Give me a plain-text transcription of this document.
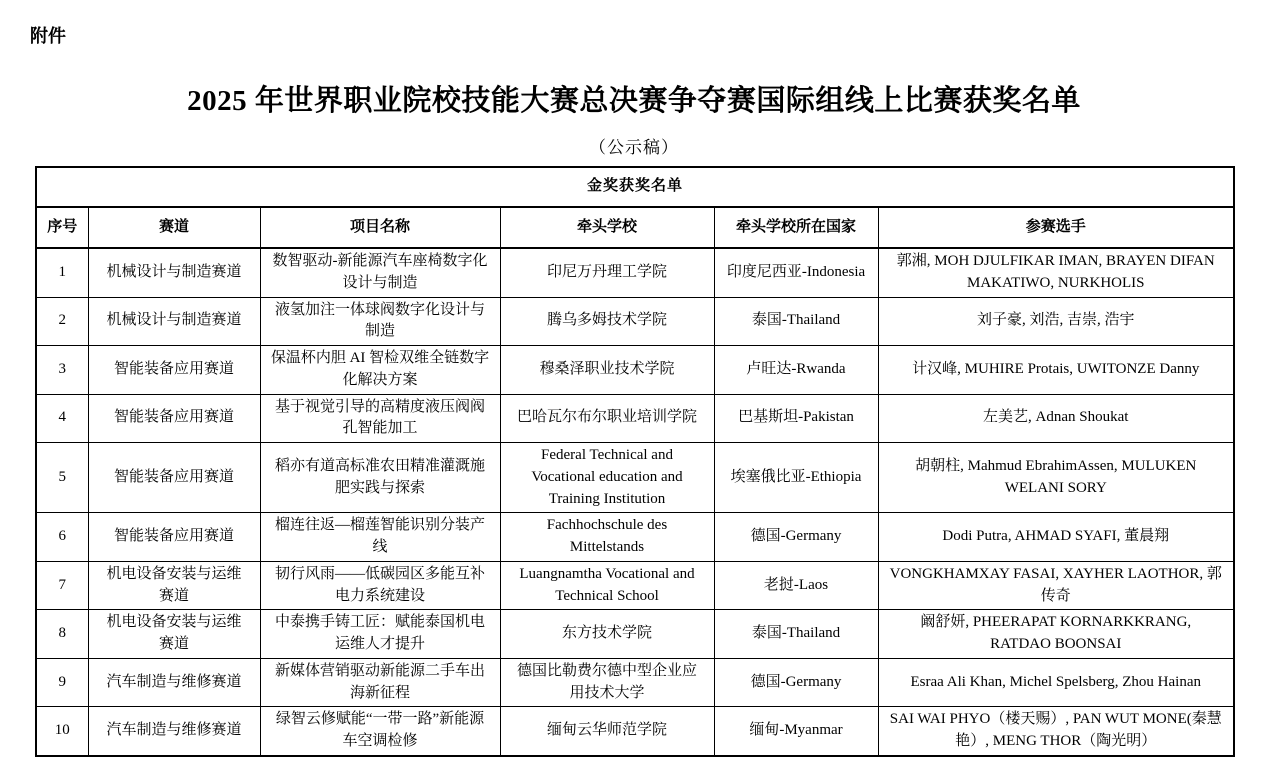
附件
2025 年世界职业院校技能大赛总决赛争夺赛国际组线上比赛获奖名单
（公示稿）
金奖获奖名单					
序号	赛道	项目名称	牵头学校	牵头学校所在国家	参赛选手
1	机械设计与制造赛道	数智驱动-新能源汽车座椅数字化设计与制造	印尼万丹理工学院	印度尼西亚-Indonesia	郭湘, MOH DJULFIKAR IMAN, BRAYEN DIFAN MAKATIWO, NURKHOLIS
2	机械设计与制造赛道	液氢加注一体球阀数字化设计与制造	腾乌多姆技术学院	泰国-Thailand	刘子豪, 刘浩, 吉崇, 浩宇
3	智能装备应用赛道	保温杯内胆 AI 智检双维全链数字化解决方案	穆桑泽职业技术学院	卢旺达-Rwanda	计汉峰, MUHIRE Protais, UWITONZE Danny
4	智能装备应用赛道	基于视觉引导的高精度液压阀阀孔智能加工	巴哈瓦尔布尔职业培训学院	巴基斯坦-Pakistan	左美艺, Adnan Shoukat
5	智能装备应用赛道	稻亦有道高标准农田精准灌溉施肥实践与探索	Federal Technical and Vocational education and Training Institution	埃塞俄比亚-Ethiopia	胡朝柱, Mahmud EbrahimAssen, MULUKEN WELANI SORY
6	智能装备应用赛道	榴连往返—榴莲智能识别分装产线	Fachhochschule des Mittelstands	德国-Germany	Dodi Putra, AHMAD SYAFI, 董晨翔
7	机电设备安装与运维赛道	韧行风雨——低碳园区多能互补电力系统建设	Luangnamtha Vocational and Technical School	老挝-Laos	VONGKHAMXAY FASAI, XAYHER LAOTHOR, 郭传奇
8	机电设备安装与运维赛道	中泰携手铸工匠：赋能泰国机电运维人才提升	东方技术学院	泰国-Thailand	阚舒妍, PHEERAPAT KORNARKKRANG, RATDAO BOONSAI
9	汽车制造与维修赛道	新媒体营销驱动新能源二手车出海新征程	德国比勒费尔德中型企业应用技术大学	德国-Germany	Esraa Ali Khan, Michel Spelsberg, Zhou Hainan
10	汽车制造与维修赛道	绿智云修赋能“一带一路”新能源车空调检修	缅甸云华师范学院	缅甸-Myanmar	SAI WAI PHYO（楼天赐）, PAN WUT MONE(秦慧艳）, MENG THOR（陶光明）
